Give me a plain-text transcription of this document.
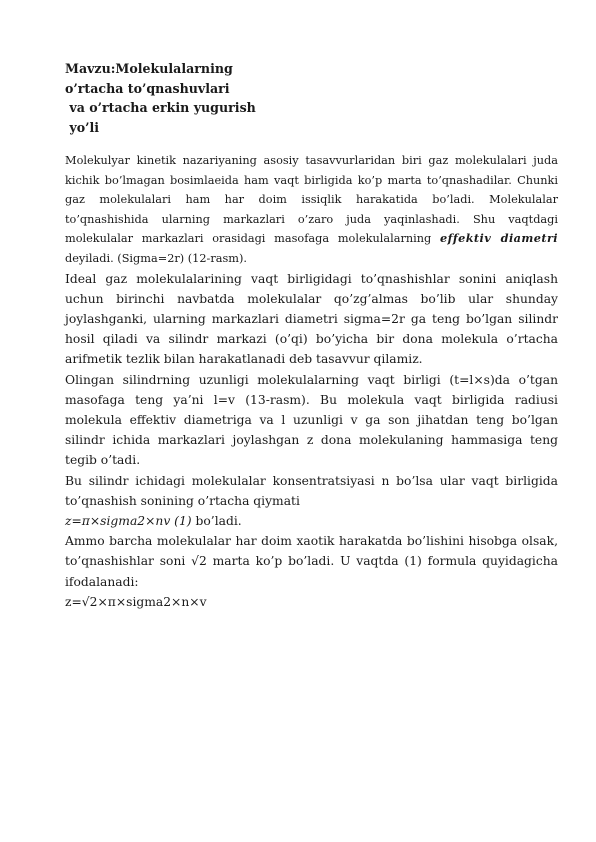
Mavzu:Molekulalarning
o’rtacha to’qnashuvlari
va o’rtacha erkin yugurish
yo’li

Molekulyar kinetik nazariyaning asosiy tasavvurlaridan biri gaz molekulalari juda kichik bo’lmagan bosimlaeida ham vaqt birligida ko’p marta to’qnashadilar. Chunki gaz molekulalari ham har doim issiqlik harakatida bo’ladi. Molekulalar to’qnashishida ularning markazlari o’zaro juda yaqinlashadi. Shu vaqtdagi molekulalar markazlari orasidagi masofaga molekulalarning effektiv diametri deyiladi. (Sigma=2r) (12-rasm).

Ideal gaz molekulalarining vaqt birligidagi to’qnashishlar sonini aniqlash uchun birinchi navbatda molekulalar qo’zg’almas bo’lib ular shunday joylashganki, ularning markazlari diametri sigma=2r ga teng bo’lgan silindr hosil qiladi va silindr markazi (o’qi) bo’yicha bir dona molekula o’rtacha arifmetik tezlik bilan harakatlanadi deb tasavvur qilamiz.

Olingan silindrning uzunligi molekulalarning vaqt birligi (t=l×s)da o’tgan masofaga teng ya’ni l=v (13-rasm). Bu molekula vaqt birligida radiusi molekula effektiv diametriga va l uzunligi v ga son jihatdan teng bo’lgan silindr ichida markazlari joylashgan z dona molekulaning hammasiga teng tegib o’tadi.

Bu silindr ichidagi molekulalar konsentratsiyasi n bo’lsa ular vaqt birligida to’qnashish sonining o’rtacha qiymati

z=π×sigma2×nv (1) bo’ladi.

Ammo barcha molekulalar har doim xaotik harakatda bo’lishini hisobga olsak, to’qnashishlar soni √2 marta ko’p bo’ladi. U vaqtda (1) formula quyidagicha ifodalanadi:

z=√2×π×sigma2×n×v
